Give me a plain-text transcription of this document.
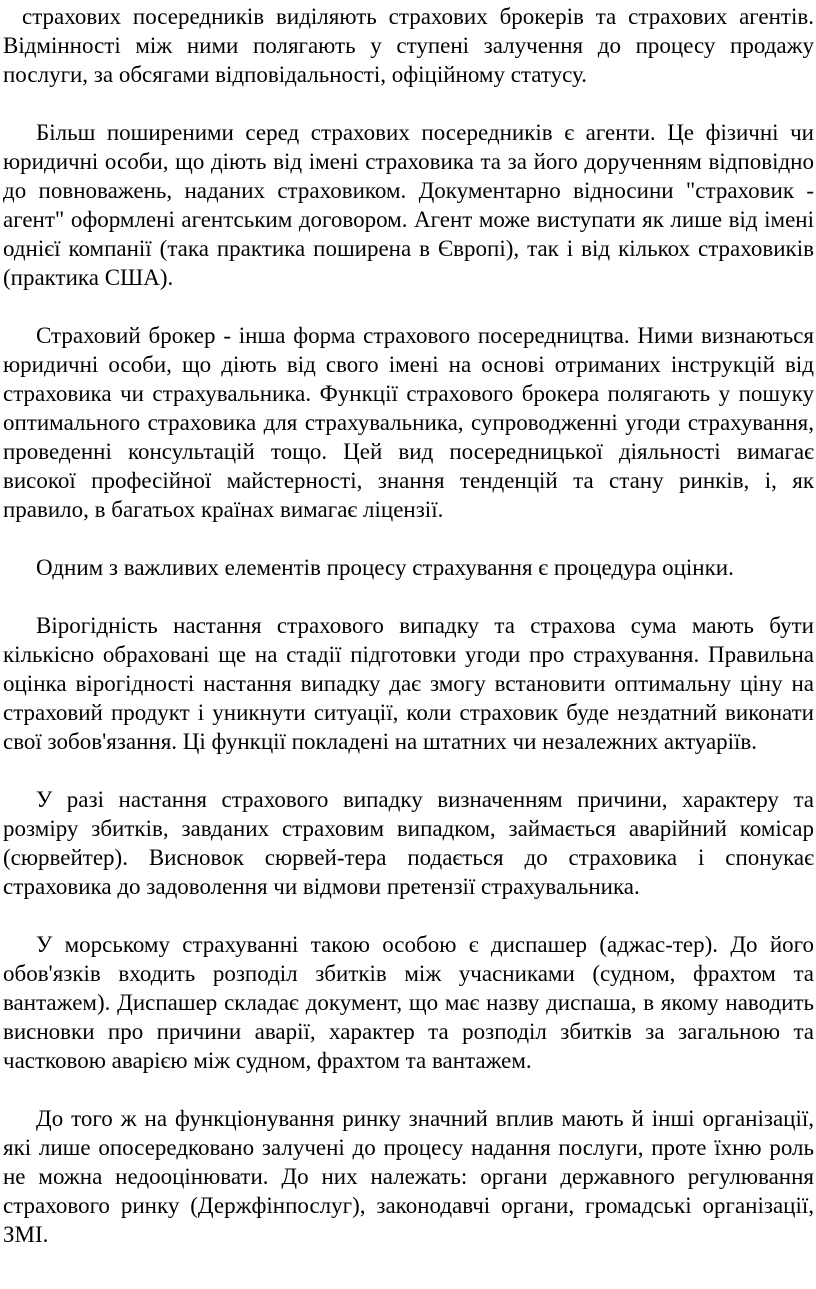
страхових посередників виділяють страхових брокерів та страхових агентів. Відмінності між ними полягають у ступені залучення до процесу продажу послуги, за обсягами відповідальності, офіційному статусу.

Більш поширеними серед страхових посередників є агенти. Це фізичні чи юридичні особи, що діють від імені страховика та за його дорученням відповідно до повноважень, наданих страховиком. Документарно відносини "страховик - агент" оформлені агентським договором. Агент може виступати як лише від імені однієї компанії (така практика поширена в Європі), так і від кількох страховиків (практика США).

Страховий брокер - інша форма страхового посередництва. Ними визнаються юридичні особи, що діють від свого імені на основі отриманих інструкцій від страховика чи страхувальника. Функції страхового брокера полягають у пошуку оптимального страховика для страхувальника, супроводженні угоди страхування, проведенні консультацій тощо. Цей вид посередницької діяльності вимагає високої професійної майстерності, знання тенденцій та стану ринків, і, як правило, в багатьох країнах вимагає ліцензії.

Одним з важливих елементів процесу страхування є процедура оцінки.

Вірогідність настання страхового випадку та страхова сума мають бути кількісно обраховані ще на стадії підготовки угоди про страхування. Правильна оцінка вірогідності настання випадку дає змогу встановити оптимальну ціну на страховий продукт і уникнути ситуації, коли страховик буде нездатний виконати свої зобов'язання. Ці функції покладені на штатних чи незалежних актуаріїв.

У разі настання страхового випадку визначенням причини, характеру та розміру збитків, завданих страховим випадком, займається аварійний комісар (сюрвейтер). Висновок сюрвей-тера подається до страховика і спонукає страховика до задоволення чи відмови претензії страхувальника.

У морському страхуванні такою особою є диспашер (аджас-тер). До його обов'язків входить розподіл збитків між учасниками (судном, фрахтом та вантажем). Диспашер складає документ, що має назву диспаша, в якому наводить висновки про причини аварії, характер та розподіл збитків за загальною та частковою аварією між судном, фрахтом та вантажем.

До того ж на функціонування ринку значний вплив мають й інші організації, які лише опосередковано залучені до процесу надання послуги, проте їхню роль не можна недооцінювати. До них належать: органи державного регулювання страхового ринку (Держфінпослуг), законодавчі органи, громадські організації, ЗМІ.
